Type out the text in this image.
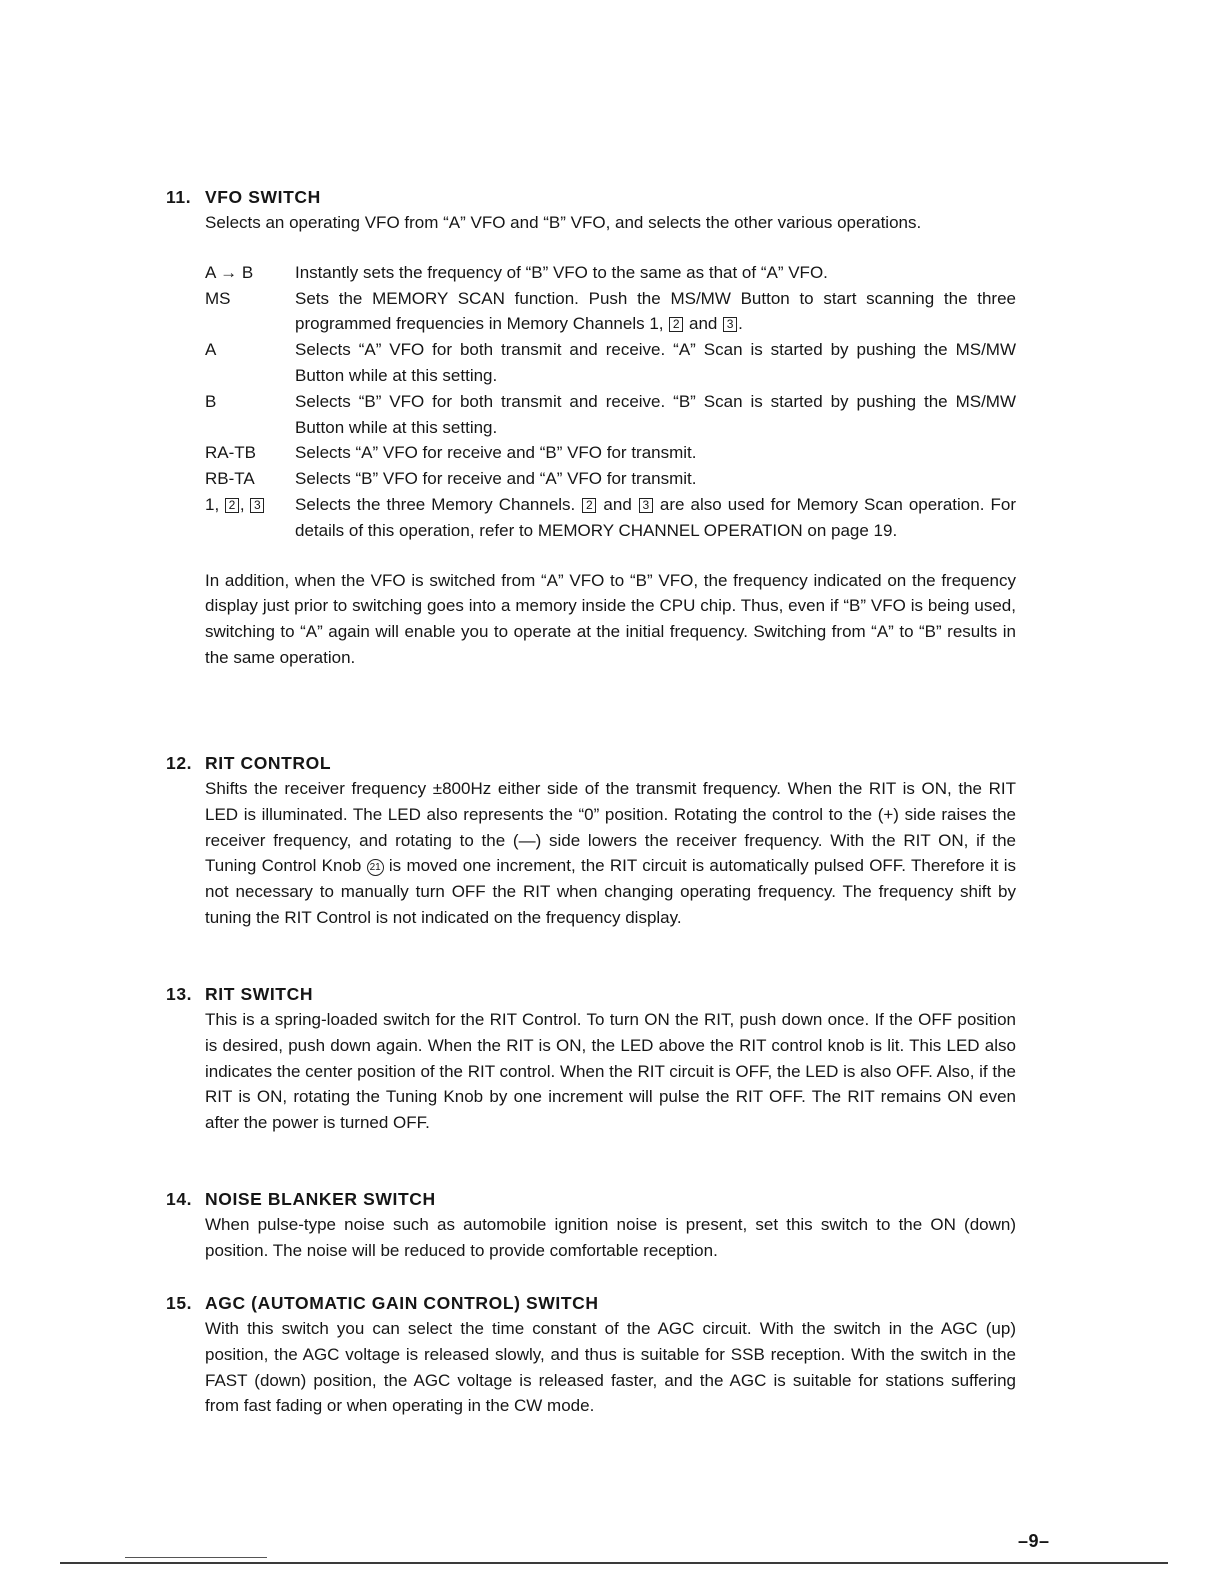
11. VFO SWITCH

Selects an operating VFO from “A” VFO and “B” VFO, and selects the other various operations.

A → B	Instantly sets the frequency of “B” VFO to the same as that of “A” VFO.
MS	Sets the MEMORY SCAN function. Push the MS/MW Button to start scanning the three programmed frequencies in Memory Channels 1, 2 and 3 .
A	Selects “A” VFO for both transmit and receive. “A” Scan is started by pushing the MS/MW Button while at this setting.
B	Selects “B” VFO for both transmit and receive. “B” Scan is started by pushing the MS/MW Button while at this setting.
RA-TB	Selects “A” VFO for receive and “B” VFO for transmit.
RB-TA	Selects “B” VFO for receive and “A” VFO for transmit.
1, 2 , 3	Selects the three Memory Channels. 2 and 3 are also used for Memory Scan operation. For details of this operation, refer to MEMORY CHANNEL OPERATION on page 19.

In addition, when the VFO is switched from “A” VFO to “B” VFO, the frequency indicated on the frequency display just prior to switching goes into a memory inside the CPU chip. Thus, even if “B” VFO is being used, switching to “A” again will enable you to operate at the initial frequency. Switching from “A” to “B” results in the same operation.

12. RIT CONTROL

Shifts the receiver frequency ±800Hz either side of the transmit frequency. When the RIT is ON, the RIT LED is illuminated. The LED also represents the “0” position. Rotating the control to the (+) side raises the receiver frequency, and rotating to the (—) side lowers the receiver frequency. With the RIT ON, if the Tuning Control Knob 21 is moved one increment, the RIT circuit is automatically pulsed OFF. Therefore it is not necessary to manually turn OFF the RIT when changing operating frequency. The frequency shift by tuning the RIT Control is not indicated on the frequency display.

13. RIT SWITCH

This is a spring-loaded switch for the RIT Control. To turn ON the RIT, push down once. If the OFF position is desired, push down again. When the RIT is ON, the LED above the RIT control knob is lit. This LED also indicates the center position of the RIT control. When the RIT circuit is OFF, the LED is also OFF. Also, if the RIT is ON, rotating the Tuning Knob by one increment will pulse the RIT OFF. The RIT remains ON even after the power is turned OFF.

14. NOISE BLANKER SWITCH

When pulse-type noise such as automobile ignition noise is present, set this switch to the ON (down) position. The noise will be reduced to provide comfortable reception.

15. AGC (AUTOMATIC GAIN CONTROL) SWITCH

With this switch you can select the time constant of the AGC circuit. With the switch in the AGC (up) position, the AGC voltage is released slowly, and thus is suitable for SSB reception. With the switch in the FAST (down) position, the AGC voltage is released faster, and the AGC is suitable for stations suffering from fast fading or when operating in the CW mode.

–9–
